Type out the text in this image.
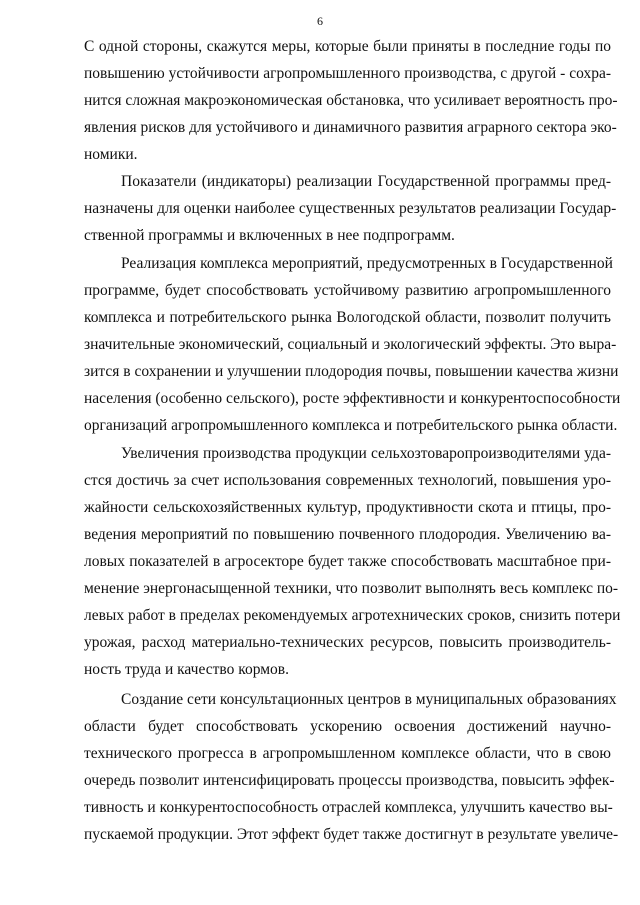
6
С одной стороны, скажутся меры, которые были приняты в последние годы по
повышению устойчивости агропромышленного производства, с другой - сохра-
нится сложная макроэкономическая обстановка, что усиливает вероятность про-
явления рисков для устойчивого и динамичного развития аграрного сектора эко-
номики.
Показатели (индикаторы) реализации Государственной программы пред-
назначены для оценки наиболее существенных результатов реализации Государ-
ственной программы и включенных в нее подпрограмм.
Реализация комплекса мероприятий, предусмотренных в Государственной
программе, будет способствовать устойчивому развитию агропромышленного
комплекса и потребительского рынка Вологодской области, позволит получить
значительные экономический, социальный и экологический эффекты. Это выра-
зится в сохранении и улучшении плодородия почвы, повышении качества жизни
населения (особенно сельского), росте эффективности и конкурентоспособности
организаций агропромышленного комплекса и потребительского рынка области.
Увеличения производства продукции сельхозтоваропроизводителями уда-
стся достичь за счет использования современных технологий, повышения уро-
жайности сельскохозяйственных культур, продуктивности скота и птицы, про-
ведения мероприятий по повышению почвенного плодородия. Увеличению ва-
ловых показателей в агросекторе будет также способствовать масштабное при-
менение энергонасыщенной техники, что позволит выполнять весь комплекс по-
левых работ в пределах рекомендуемых агротехнических сроков, снизить потери
урожая, расход материально-технических ресурсов, повысить производитель-
ность труда и качество кормов.
Создание сети консультационных центров в муниципальных образованиях
области будет способствовать ускорению освоения достижений научно-
технического прогресса в агропромышленном комплексе области, что в свою
очередь позволит интенсифицировать процессы производства, повысить эффек-
тивность и конкурентоспособность отраслей комплекса, улучшить качество вы-
пускаемой продукции. Этот эффект будет также достигнут в результате увеличе-
